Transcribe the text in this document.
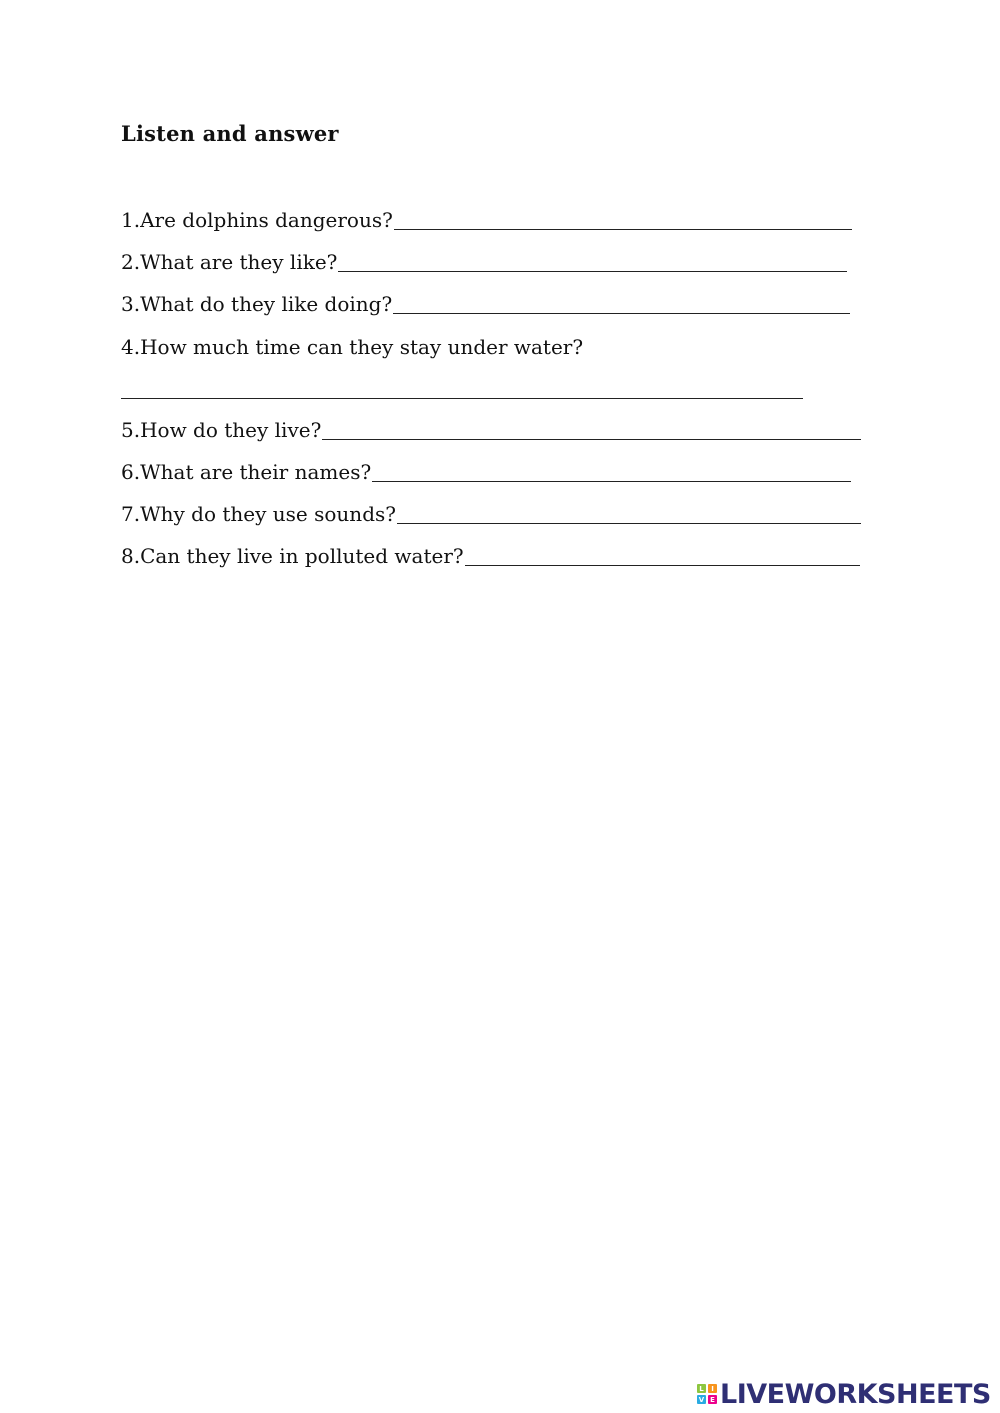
Listen and answer
1.Are dolphins dangerous?
2.What are they like?
3.What do they like doing?
4.How much time can they stay under water?
5.How do they live?
6.What are their names?
7.Why do they use sounds?
8.Can they live in polluted water?
L	I
V E LIVEWORKSHEETS
